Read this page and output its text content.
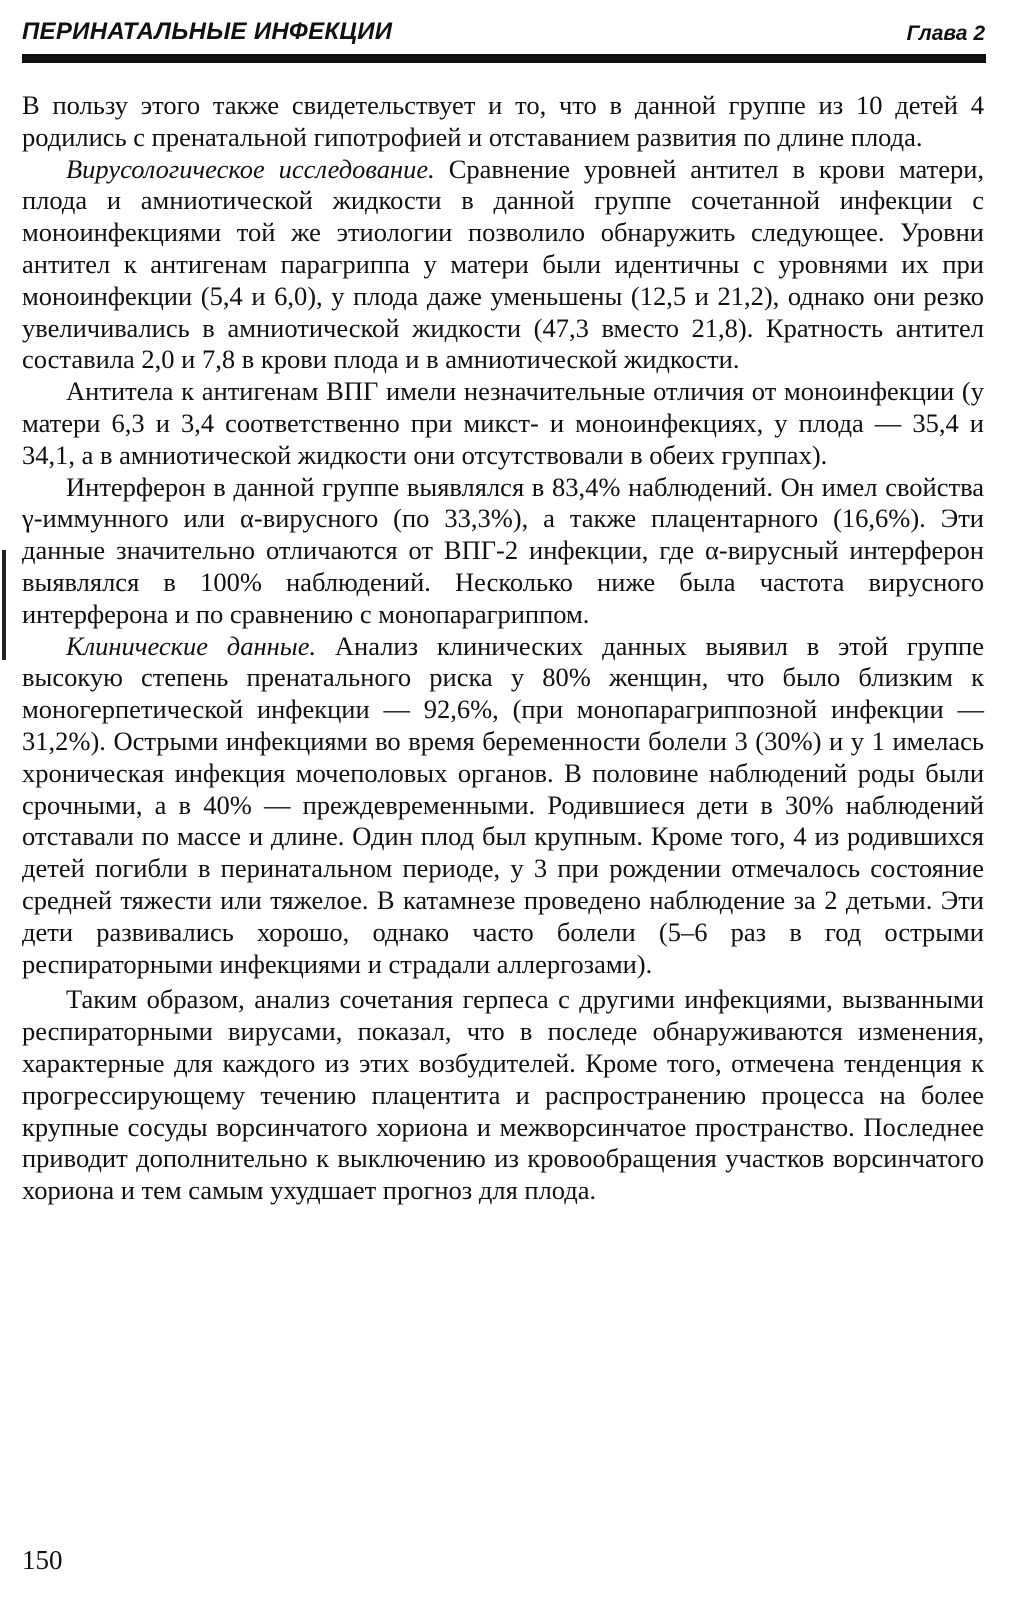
ПЕРИНАТАЛЬНЫЕ ИНФЕКЦИИ	Глава 2

В пользу этого также свидетельствует и то, что в данной группе из 10 детей 4 родились с пренатальной гипотрофией и отставанием развития по длине плода.

Вирусологическое исследование. Сравнение уровней антител в крови матери, плода и амниотической жидкости в данной группе сочетанной инфекции с моноинфекциями той же этиологии позволило обнаружить следующее. Уровни антител к антигенам парагриппа у матери были идентичны с уровнями их при моноинфекции (5,4 и 6,0), у плода даже уменьшены (12,5 и 21,2), однако они резко увеличивались в амниотической жидкости (47,3 вместо 21,8). Кратность антител составила 2,0 и 7,8 в крови плода и в амниотической жидкости.

Антитела к антигенам ВПГ имели незначительные отличия от моноинфекции (у матери 6,3 и 3,4 соответственно при микст- и моноинфекциях, у плода — 35,4 и 34,1, а в амниотической жидкости они отсутствовали в обеих группах).

Интерферон в данной группе выявлялся в 83,4% наблюдений. Он имел свойства γ-иммунного или α-вирусного (по 33,3%), а также плацентарного (16,6%). Эти данные значительно отличаются от ВПГ-2 инфекции, где α-вирусный интерферон выявлялся в 100% наблюдений. Несколько ниже была частота вирусного интерферона и по сравнению с монопарагриппом.

Клинические данные. Анализ клинических данных выявил в этой группе высокую степень пренатального риска у 80% женщин, что было близким к моногерпетической инфекции — 92,6%, (при монопарагриппозной инфекции — 31,2%). Острыми инфекциями во время беременности болели 3 (30%) и у 1 имелась хроническая инфекция мочеполовых органов. В половине наблюдений роды были срочными, а в 40% — преждевременными. Родившиеся дети в 30% наблюдений отставали по массе и длине. Один плод был крупным. Кроме того, 4 из родившихся детей погибли в перинатальном периоде, у 3 при рождении отмечалось состояние средней тяжести или тяжелое. В катамнезе проведено наблюдение за 2 детьми. Эти дети развивались хорошо, однако часто болели (5–6 раз в год острыми респираторными инфекциями и страдали аллергозами).

Таким образом, анализ сочетания герпеса с другими инфекциями, вызванными респираторными вирусами, показал, что в последе обнаруживаются изменения, характерные для каждого из этих возбудителей. Кроме того, отмечена тенденция к прогрессирующему течению плацентита и распространению процесса на более крупные сосуды ворсинчатого хориона и межворсинчатое пространство. Последнее приводит дополнительно к выключению из кровообращения участков ворсинчатого хориона и тем самым ухудшает прогноз для плода.

150
